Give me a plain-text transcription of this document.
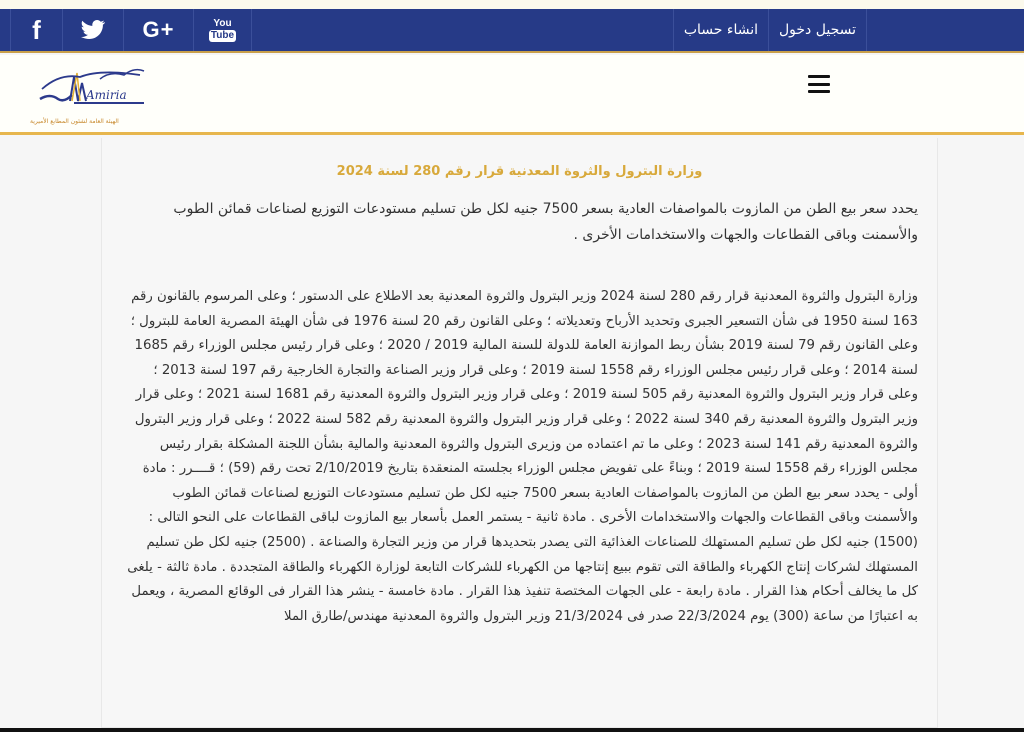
f	G+	You
Tube	تسجيل دخول
انشاء حساب
Amiria
الهيئة العامة لشئون المطابع الأميرية
وزارة البترول والثروة المعدنية قرار رقم 280 لسنة 2024

يحدد سعر بيع الطن من المازوت بالمواصفات العادية بسعر 7500 جنيه لكل طن تسليم مستودعات التوزيع لصناعات قمائن الطوب والأسمنت وباقى القطاعات والجهات والاستخدامات الأخرى .

وزارة البترول والثروة المعدنية قرار رقم 280 لسنة 2024 وزير البترول والثروة المعدنية بعد الاطلاع على الدستور ؛ وعلى المرسوم بالقانون رقم 163 لسنة 1950 فى شأن التسعير الجبرى وتحديد الأرباح وتعديلاته ؛ وعلى القانون رقم 20 لسنة 1976 فى شأن الهيئة المصرية العامة للبترول ؛ وعلى القانون رقم 79 لسنة 2019 بشأن ربط الموازنة العامة للدولة للسنة المالية 2019 / 2020 ؛ وعلى قرار رئيس مجلس الوزراء رقم 1685 لسنة 2014 ؛ وعلى قرار رئيس مجلس الوزراء رقم 1558 لسنة 2019 ؛ وعلى قرار وزير الصناعة والتجارة الخارجية رقم 197 لسنة 2013 ؛ وعلى قرار وزير البترول والثروة المعدنية رقم 505 لسنة 2019 ؛ وعلى قرار وزير البترول والثروة المعدنية رقم 1681 لسنة 2021 ؛ وعلى قرار وزير البترول والثروة المعدنية رقم 340 لسنة 2022 ؛ وعلى قرار وزير البترول والثروة المعدنية رقم 582 لسنة 2022 ؛ وعلى قرار وزير البترول والثروة المعدنية رقم 141 لسنة 2023 ؛ وعلى ما تم اعتماده من وزيرى البترول والثروة المعدنية والمالية بشأن اللجنة المشكلة بقرار رئيس مجلس الوزراء رقم 1558 لسنة 2019 ؛ وبناءً على تفويض مجلس الوزراء بجلسته المنعقدة بتاريخ 2/10/2019 تحت رقم (59) ؛ قــــرر : مادة أولى - يحدد سعر بيع الطن من المازوت بالمواصفات العادية بسعر 7500 جنيه لكل طن تسليم مستودعات التوزيع لصناعات قمائن الطوب والأسمنت وباقى القطاعات والجهات والاستخدامات الأخرى . مادة ثانية - يستمر العمل بأسعار بيع المازوت لباقى القطاعات على النحو التالى : (1500) جنيه لكل طن تسليم المستهلك للصناعات الغذائية التى يصدر بتحديدها قرار من وزير التجارة والصناعة . (2500) جنيه لكل طن تسليم المستهلك لشركات إنتاج الكهرباء والطاقة التى تقوم ببيع إنتاجها من الكهرباء للشركات التابعة لوزارة الكهرباء والطاقة المتجددة . مادة ثالثة - يلغى كل ما يخالف أحكام هذا القرار . مادة رابعة - على الجهات المختصة تنفيذ هذا القرار . مادة خامسة - ينشر هذا القرار فى الوقائع المصرية ، ويعمل به اعتبارًا من ساعة (300) يوم 22/3/2024 صدر فى 21/3/2024 وزير البترول والثروة المعدنية مهندس/طارق الملا
